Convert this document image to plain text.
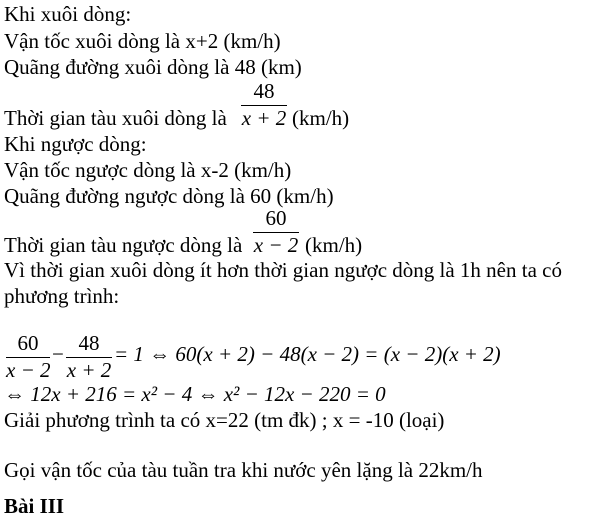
Khi xuôi dòng:
Vận tốc xuôi dòng là x+2 (km/h)
Quãng đường xuôi dòng là 48 (km)
Thời gian tàu xuôi dòng là $\frac{48}{x + 2} (km/h)$
Khi ngược dòng:
Vận tốc ngược dòng là x-2 (km/h)
Quãng đường ngược dòng là 60 (km/h)
Thời gian tàu ngược dòng là $\frac{60}{x - 2} (km/h)$
Vì thời gian xuôi dòng ít hơn thời gian ngược dòng là 1h nên ta có
phương trình:
$\frac{60}{x - 2} - \frac{48}{x + 2} = 1$ ⇔ 60(x + 2) − 48(x − 2) = (x − 2)(x + 2)
⇔ 12x + 216 = x² − 4 ⇔ x² − 12x − 220 = 0
Giải phương trình ta có x=22 (tm đk) ; x = -10 (loại)
Gọi vận tốc của tàu tuần tra khi nước yên lặng là 22km/h
Bài III
